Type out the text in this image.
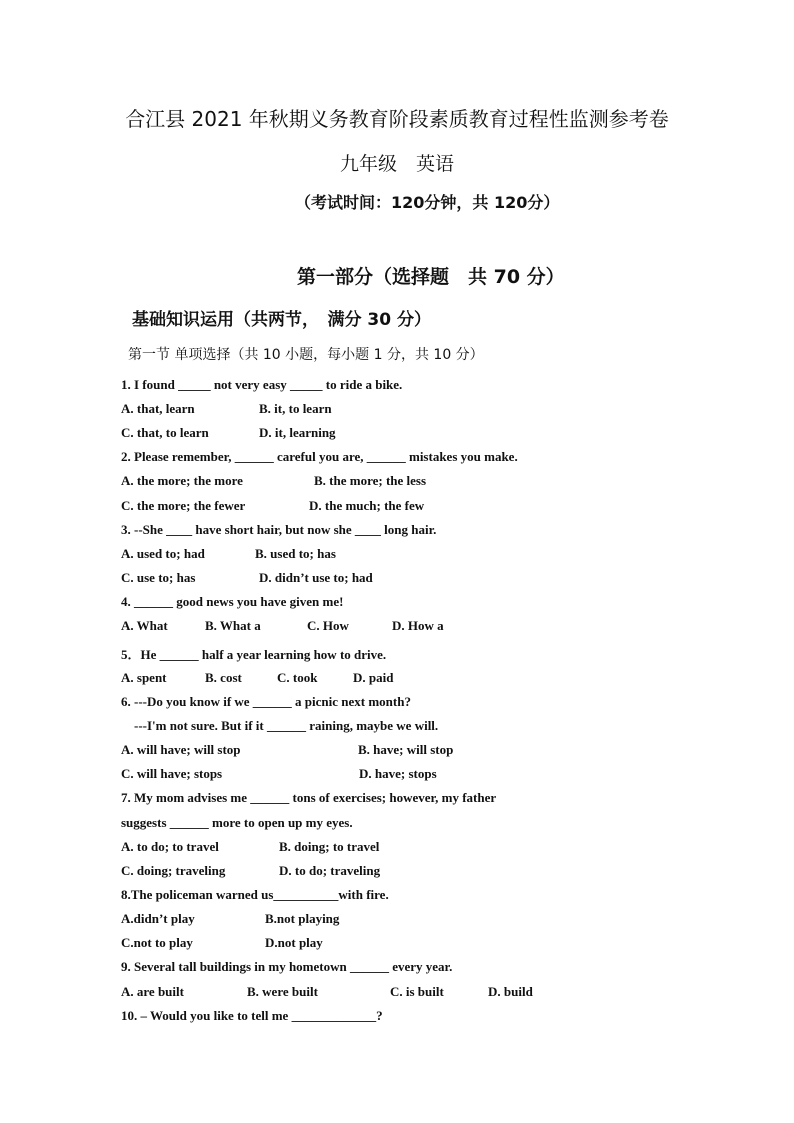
合江县 2021 年秋期义务教育阶段素质教育过程性监测参考卷
九年级　英语
（考试时间：120分钟，共 120分）
第一部分（选择题　共 70 分）
基础知识运用（共两节，　满分 30 分）
第一节 单项选择（共 10 小题，每小题 1 分，共 10 分）
1. I found _____ not very easy _____ to ride a bike.
A. that, learn	B. it, to learn
C. that, to learn	D. it, learning
2. Please remember, ______ careful you are, ______ mistakes you make.
A. the more; the more	B. the more; the less
C. the more; the fewer	D. the much; the few
3. --She ____ have short hair, but now she ____ long hair.
A. used to; had	B. used to; has
C. use to; has	D. didn’t use to; had
4. ______ good news you have given me!
A. What	B. What a	C. How	D. How a
5．He ______ half a year learning how to drive.
A. spent	B. cost	C. took	D. paid
6. ---Do you know if we ______ a picnic next month?
---I'm not sure. But if it ______ raining, maybe we will.
A. will have; will stop	B. have; will stop
C. will have; stops	D. have; stops
7. My mom advises me ______ tons of exercises; however, my father
suggests ______ more to open up my eyes.
A. to do; to travel	B. doing; to travel
C. doing; traveling	D. to do; traveling
8.The policeman warned us__________with fire.
A.didn’t play	B.not playing
C.not to play	D.not play
9. Several tall buildings in my hometown ______ every year.
A. are built	B. were built	C. is built	D. build
10. – Would you like to tell me _____________?
